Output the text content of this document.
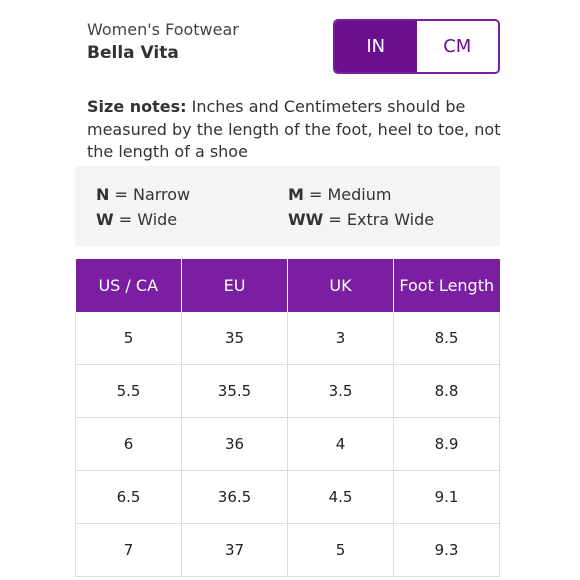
Women's Footwear
Bella Vita	IN	CM
Size notes: Inches and Centimeters should be measured by the length of the foot, heel to toe, not the length of a shoe
N = Narrow	M = Medium
W = Wide	WW = Extra Wide
US / CA	EU	UK	Foot Length
5	35	3	8.5
5.5	35.5	3.5	8.8
6	36	4	8.9
6.5	36.5	4.5	9.1
7	37	5	9.3
